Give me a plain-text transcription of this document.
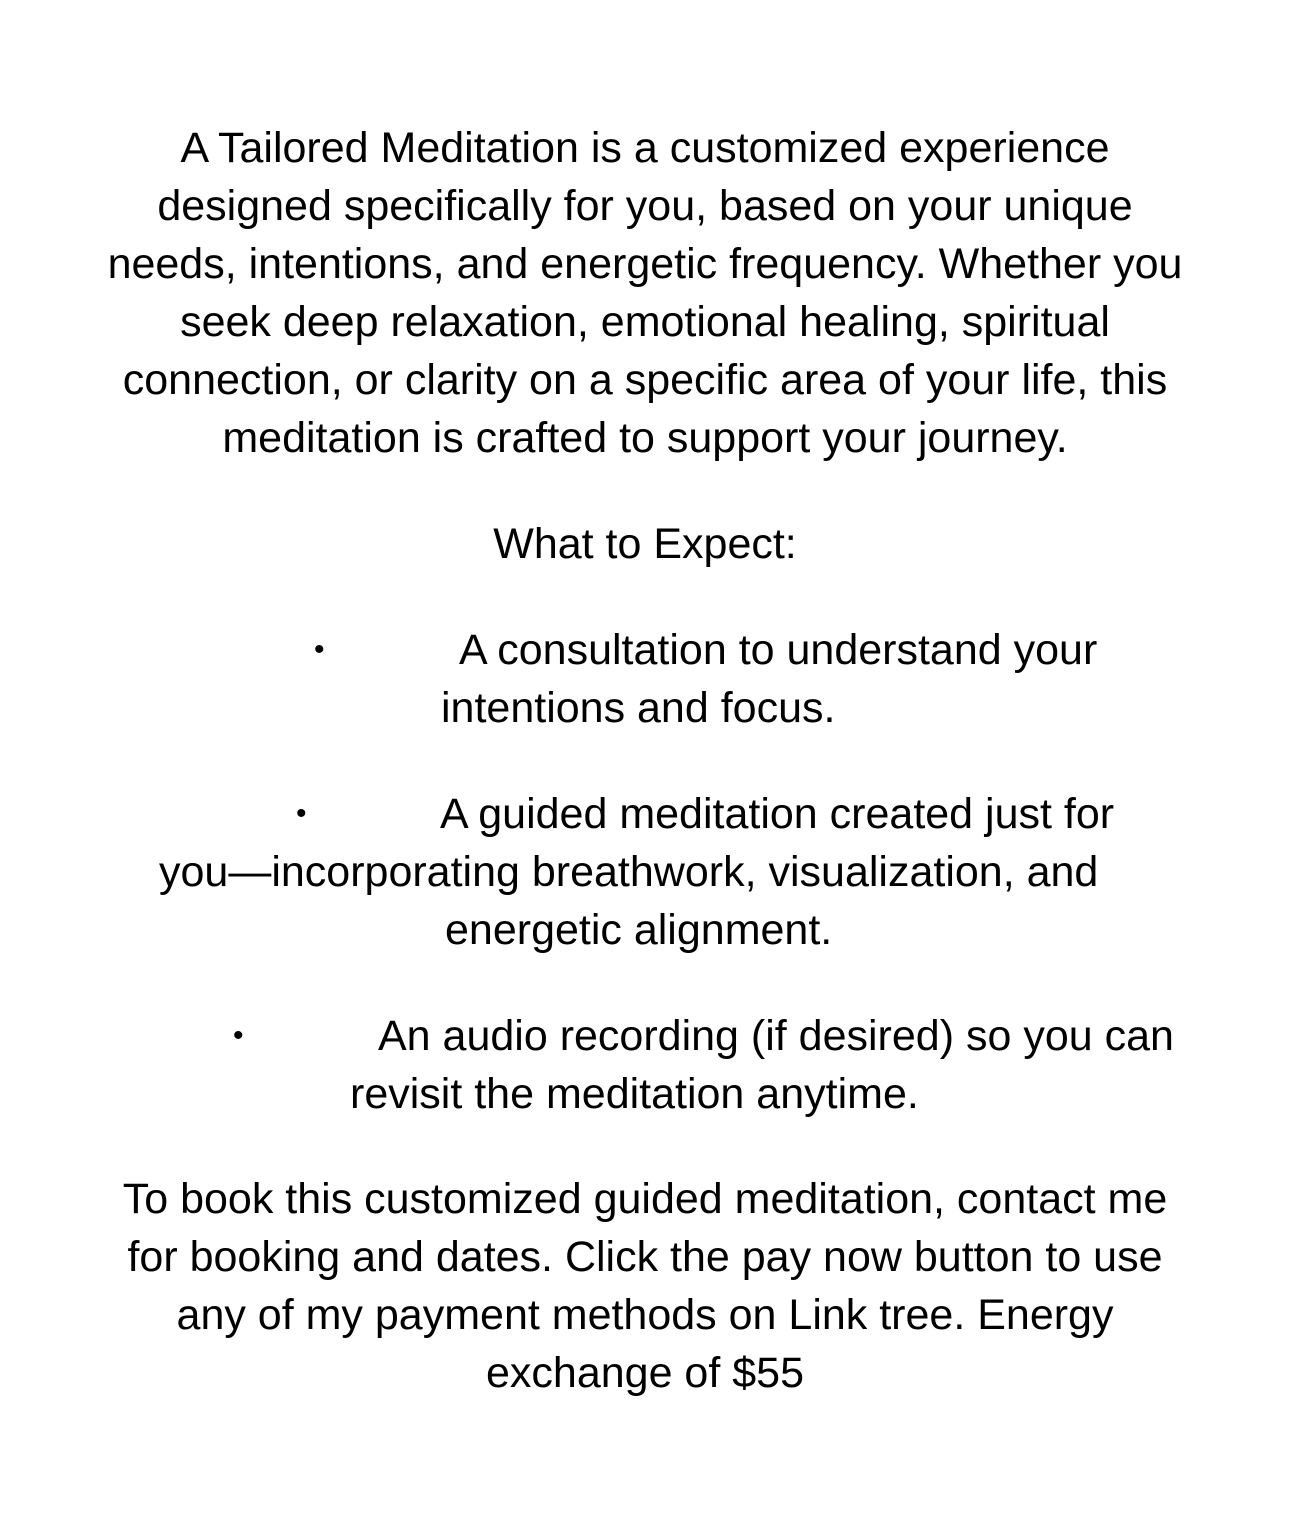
A Tailored Meditation is a customized experience
designed specifically for you, based on your unique
needs, intentions, and energetic frequency. Whether you
seek deep relaxation, emotional healing, spiritual
connection, or clarity on a specific area of your life, this
meditation is crafted to support your journey.

What to Expect:

•	A consultation to understand your
intentions and focus.
•	A guided meditation created just for
you—incorporating breathwork, visualization, and
energetic alignment.
•	An audio recording (if desired) so you can
revisit the meditation anytime.

To book this customized guided meditation, contact me
for booking and dates. Click the pay now button to use
any of my payment methods on Link tree. Energy
exchange of $55
